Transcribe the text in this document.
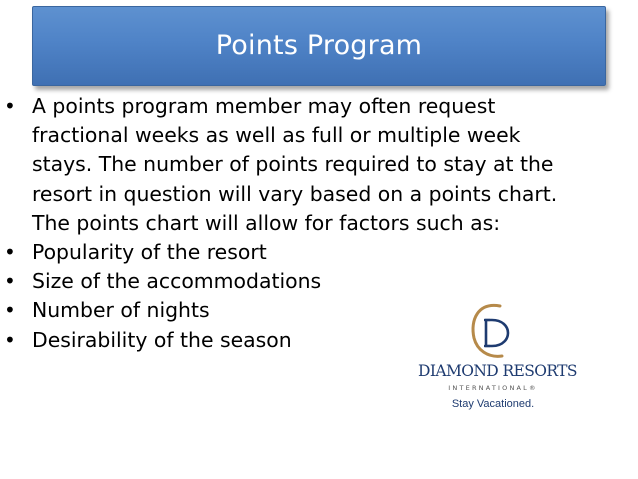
Points Program
• A points program member may often request
fractional weeks as well as full or multiple week
stays. The number of points required to stay at the
resort in question will vary based on a points chart.
The points chart will allow for factors such as:
• Popularity of the resort
• Size of the accommodations
• Number of nights
• Desirability of the season
DIAMOND RESORTS
INTERNATIONAL®
Stay Vacationed.
